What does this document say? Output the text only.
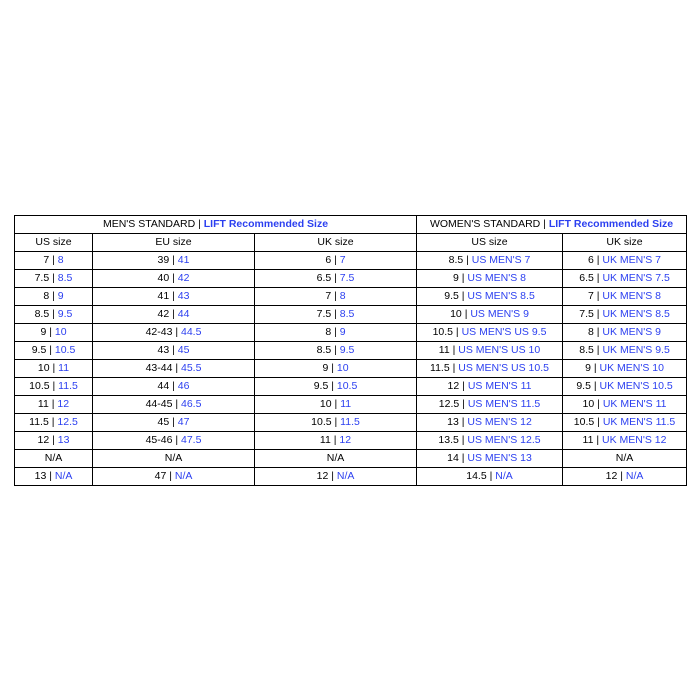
MEN'S STANDARD | LIFT Recommended Size			WOMEN'S STANDARD | LIFT Recommended Size	
US size	EU size	UK size	US size	UK size
7 | 8	39 | 41	6 | 7	8.5 | US MEN'S 7	6 | UK MEN'S 7
7.5 | 8.5	40 | 42	6.5 | 7.5	9 | US MEN'S 8	6.5 | UK MEN'S 7.5
8 | 9	41 | 43	7 | 8	9.5 | US MEN'S 8.5	7 | UK MEN'S 8
8.5 | 9.5	42 | 44	7.5 | 8.5	10 | US MEN'S 9	7.5 | UK MEN'S 8.5
9 | 10	42-43 | 44.5	8 | 9	10.5 | US MEN'S US 9.5	8 | UK MEN'S 9
9.5 | 10.5	43 | 45	8.5 | 9.5	11 | US MEN'S US 10	8.5 | UK MEN'S 9.5
10 | 11	43-44 | 45.5	9 | 10	11.5 | US MEN'S US 10.5	9 | UK MEN'S 10
10.5 | 11.5	44 | 46	9.5 | 10.5	12 | US MEN'S 11	9.5 | UK MEN'S 10.5
11 | 12	44-45 | 46.5	10 | 11	12.5 | US MEN'S 11.5	10 | UK MEN'S 11
11.5 | 12.5	45 | 47	10.5 | 11.5	13 | US MEN'S 12	10.5 | UK MEN'S 11.5
12 | 13	45-46 | 47.5	11 | 12	13.5 | US MEN'S 12.5	11 | UK MEN'S 12
N/A	N/A	N/A	14 | US MEN'S 13	N/A
13 | N/A	47 | N/A	12 | N/A	14.5 | N/A	12 | N/A
